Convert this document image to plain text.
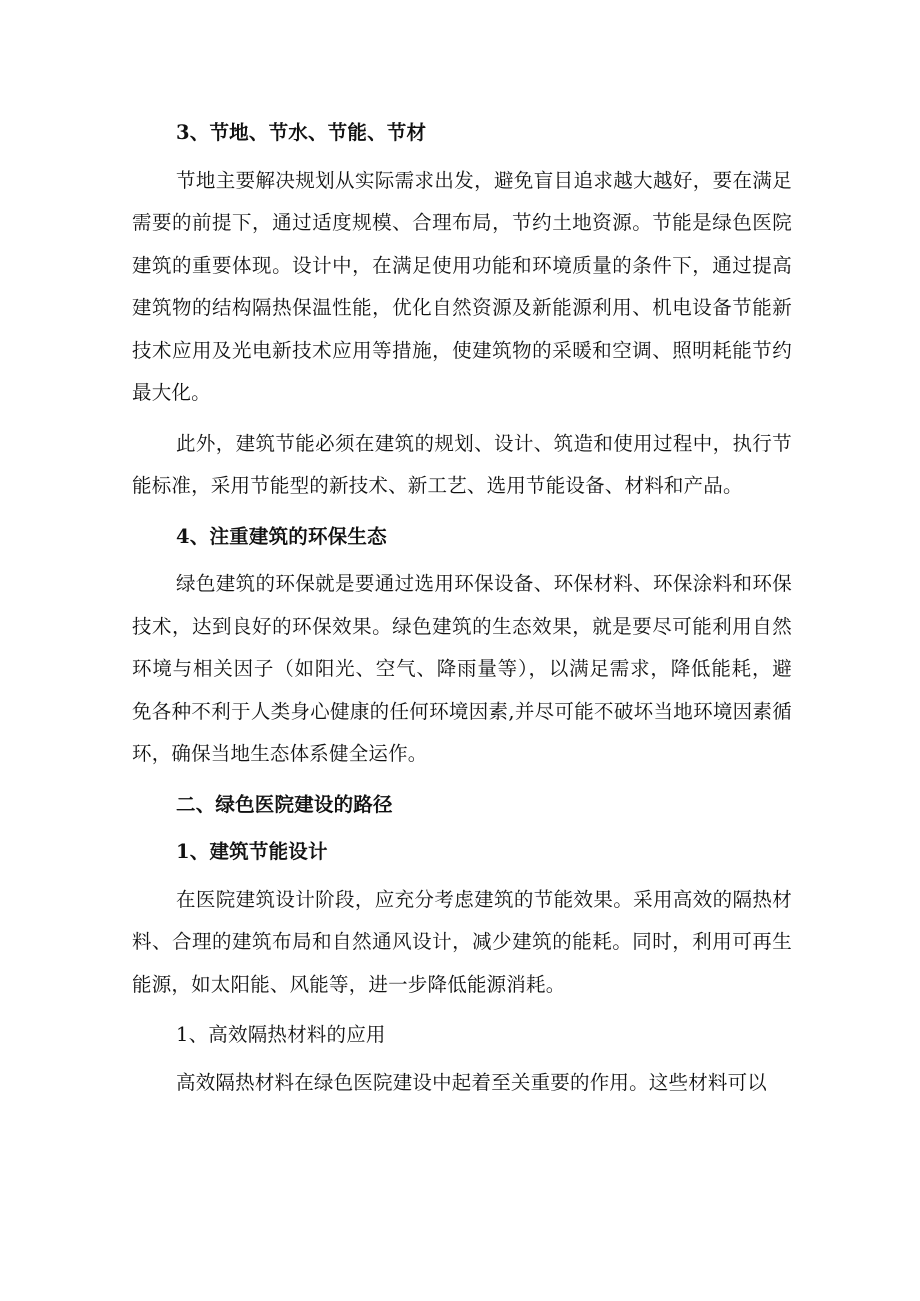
3、节地、节水、节能、节材

节地主要解决规划从实际需求出发，避免盲目追求越大越好，要在满足需要的前提下，通过适度规模、合理布局，节约土地资源。节能是绿色医院建筑的重要体现。设计中，在满足使用功能和环境质量的条件下，通过提高建筑物的结构隔热保温性能，优化自然资源及新能源利用、机电设备节能新技术应用及光电新技术应用等措施，使建筑物的采暖和空调、照明耗能节约最大化。

此外，建筑节能必须在建筑的规划、设计、筑造和使用过程中，执行节能标准，采用节能型的新技术、新工艺、选用节能设备、材料和产品。

4、注重建筑的环保生态

绿色建筑的环保就是要通过选用环保设备、环保材料、环保涂料和环保技术，达到良好的环保效果。绿色建筑的生态效果，就是要尽可能利用自然环境与相关因子（如阳光、空气、降雨量等），以满足需求，降低能耗，避免各种不利于人类身心健康的任何环境因素,并尽可能不破坏当地环境因素循环，确保当地生态体系健全运作。

二、绿色医院建设的路径

1、建筑节能设计

在医院建筑设计阶段，应充分考虑建筑的节能效果。采用高效的隔热材料、合理的建筑布局和自然通风设计，减少建筑的能耗。同时，利用可再生能源，如太阳能、风能等，进一步降低能源消耗。

1、高效隔热材料的应用

高效隔热材料在绿色医院建设中起着至关重要的作用。这些材料可以
